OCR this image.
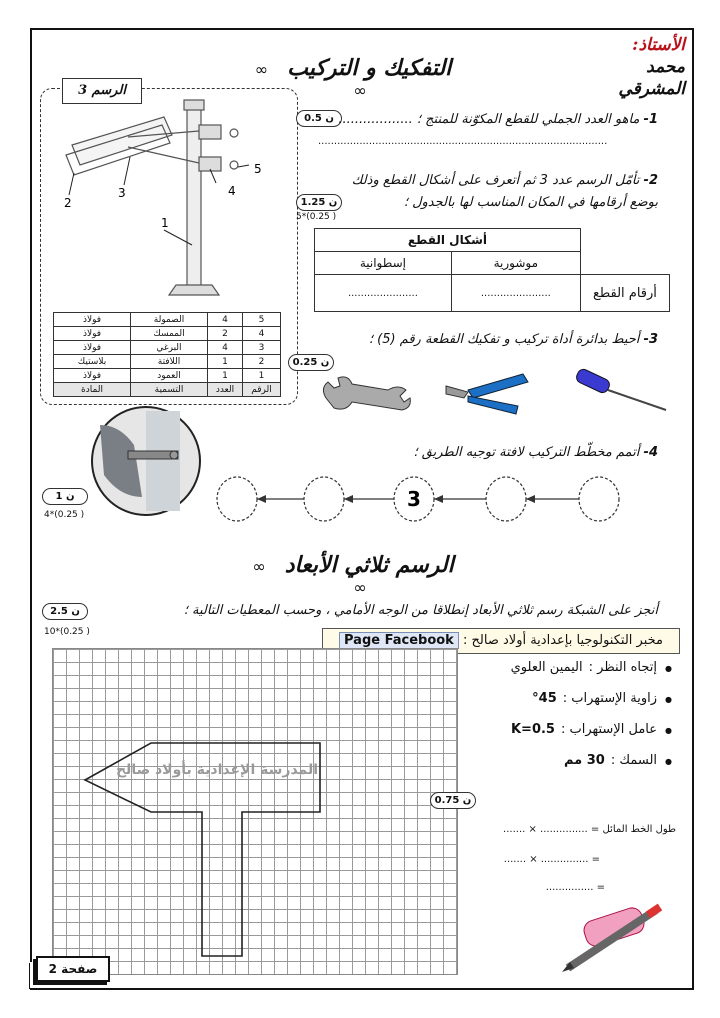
الأستاذ:
محمد المشرقي
∞ التفكيك و التركيب ∞
الرسم 3
1
2
3	4
5
5	4	الصمولة	فولاذ
4	2	الممسك	فولاذ
3	4	البرغي	فولاذ
2	1	اللافتة	بلاستيك
1	1	العمود	فولاذ
الرقم	العدد	التسمية	المادة
0.5 ن	1- ماهو العدد الجملي للقطع المكوّنة للمنتج ؛ ..................
...........................................................................................
2- تأمّل الرسم عدد 3 ثم أتعرف على أشكال القطع وذلك
بوضع أرقامها في المكان المناسب لها بالجدول ؛
1.25 ن
5*(0.25 )
	أشكال القطع	
	موشورية	إسطوانية
أرقام القطع	......................	......................
3- أحيط بدائرة أداة تركيب و تفكيك القطعة رقم (5) ؛
0.25 ن
4- أتمم مخطّط التركيب لافتة توجيه الطريق ؛
1 ن
4*(0.25 )
3
∞ الرسم ثلاثي الأبعاد ∞
2.5 ن
10*(0.25 )
أنجز على الشبكة رسم ثلاثي الأبعاد إنطلاقا من الوجه الأمامي ، وحسب المعطيات التالية ؛
مخبر التكنولوجيا بإعدادية أولاد صالح : Page Facebook
المدرسة الإعدادية بأولاد صالح
●إتجاه النظر :اليمين العلوي
●زاوية الإستهراب :45°
●عامل الإستهراب :K=0.5
●السمك :30 مم
0.75 ن
طول الخط المائل = ............... × .......
= ............... × .......
= ...............
صفحة 2
